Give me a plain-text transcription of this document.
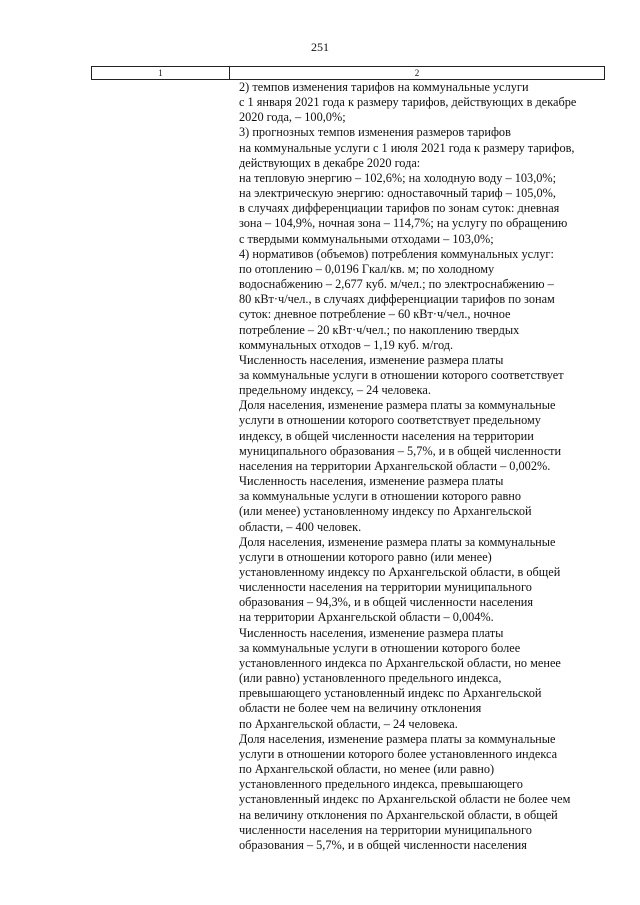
251
1	2
2) темпов изменения тарифов на коммунальные услуги
с 1 января 2021 года к размеру тарифов, действующих в декабре
2020 года, – 100,0%;
3) прогнозных темпов изменения размеров тарифов
на коммунальные услуги с 1 июля 2021 года к размеру тарифов,
действующих в декабре 2020 года:
на тепловую энергию – 102,6%; на холодную воду – 103,0%;
на электрическую энергию: одноставочный тариф – 105,0%,
в случаях дифференциации тарифов по зонам суток: дневная
зона – 104,9%, ночная зона – 114,7%; на услугу по обращению
с твердыми коммунальными отходами – 103,0%;
4) нормативов (объемов) потребления коммунальных услуг:
по отоплению – 0,0196 Гкал/кв. м; по холодному
водоснабжению – 2,677 куб. м/чел.; по электроснабжению –
80 кВт·ч/чел., в случаях дифференциации тарифов по зонам
суток: дневное потребление – 60 кВт·ч/чел., ночное
потребление – 20 кВт·ч/чел.; по накоплению твердых
коммунальных отходов – 1,19 куб. м/год.
Численность населения, изменение размера платы
за коммунальные услуги в отношении которого соответствует
предельному индексу, – 24 человека.
Доля населения, изменение размера платы за коммунальные
услуги в отношении которого соответствует предельному
индексу, в общей численности населения на территории
муниципального образования – 5,7%, и в общей численности
населения на территории Архангельской области – 0,002%.
Численность населения, изменение размера платы
за коммунальные услуги в отношении которого равно
(или менее) установленному индексу по Архангельской
области, – 400 человек.
Доля населения, изменение размера платы за коммунальные
услуги в отношении которого равно (или менее)
установленному индексу по Архангельской области, в общей
численности населения на территории муниципального
образования – 94,3%, и в общей численности населения
на территории Архангельской области – 0,004%.
Численность населения, изменение размера платы
за коммунальные услуги в отношении которого более
установленного индекса по Архангельской области, но менее
(или равно) установленного предельного индекса,
превышающего установленный индекс по Архангельской
области не более чем на величину отклонения
по Архангельской области, – 24 человека.
Доля населения, изменение размера платы за коммунальные
услуги в отношении которого более установленного индекса
по Архангельской области, но менее (или равно)
установленного предельного индекса, превышающего
установленный индекс по Архангельской области не более чем
на величину отклонения по Архангельской области, в общей
численности населения на территории муниципального
образования – 5,7%, и в общей численности населения
